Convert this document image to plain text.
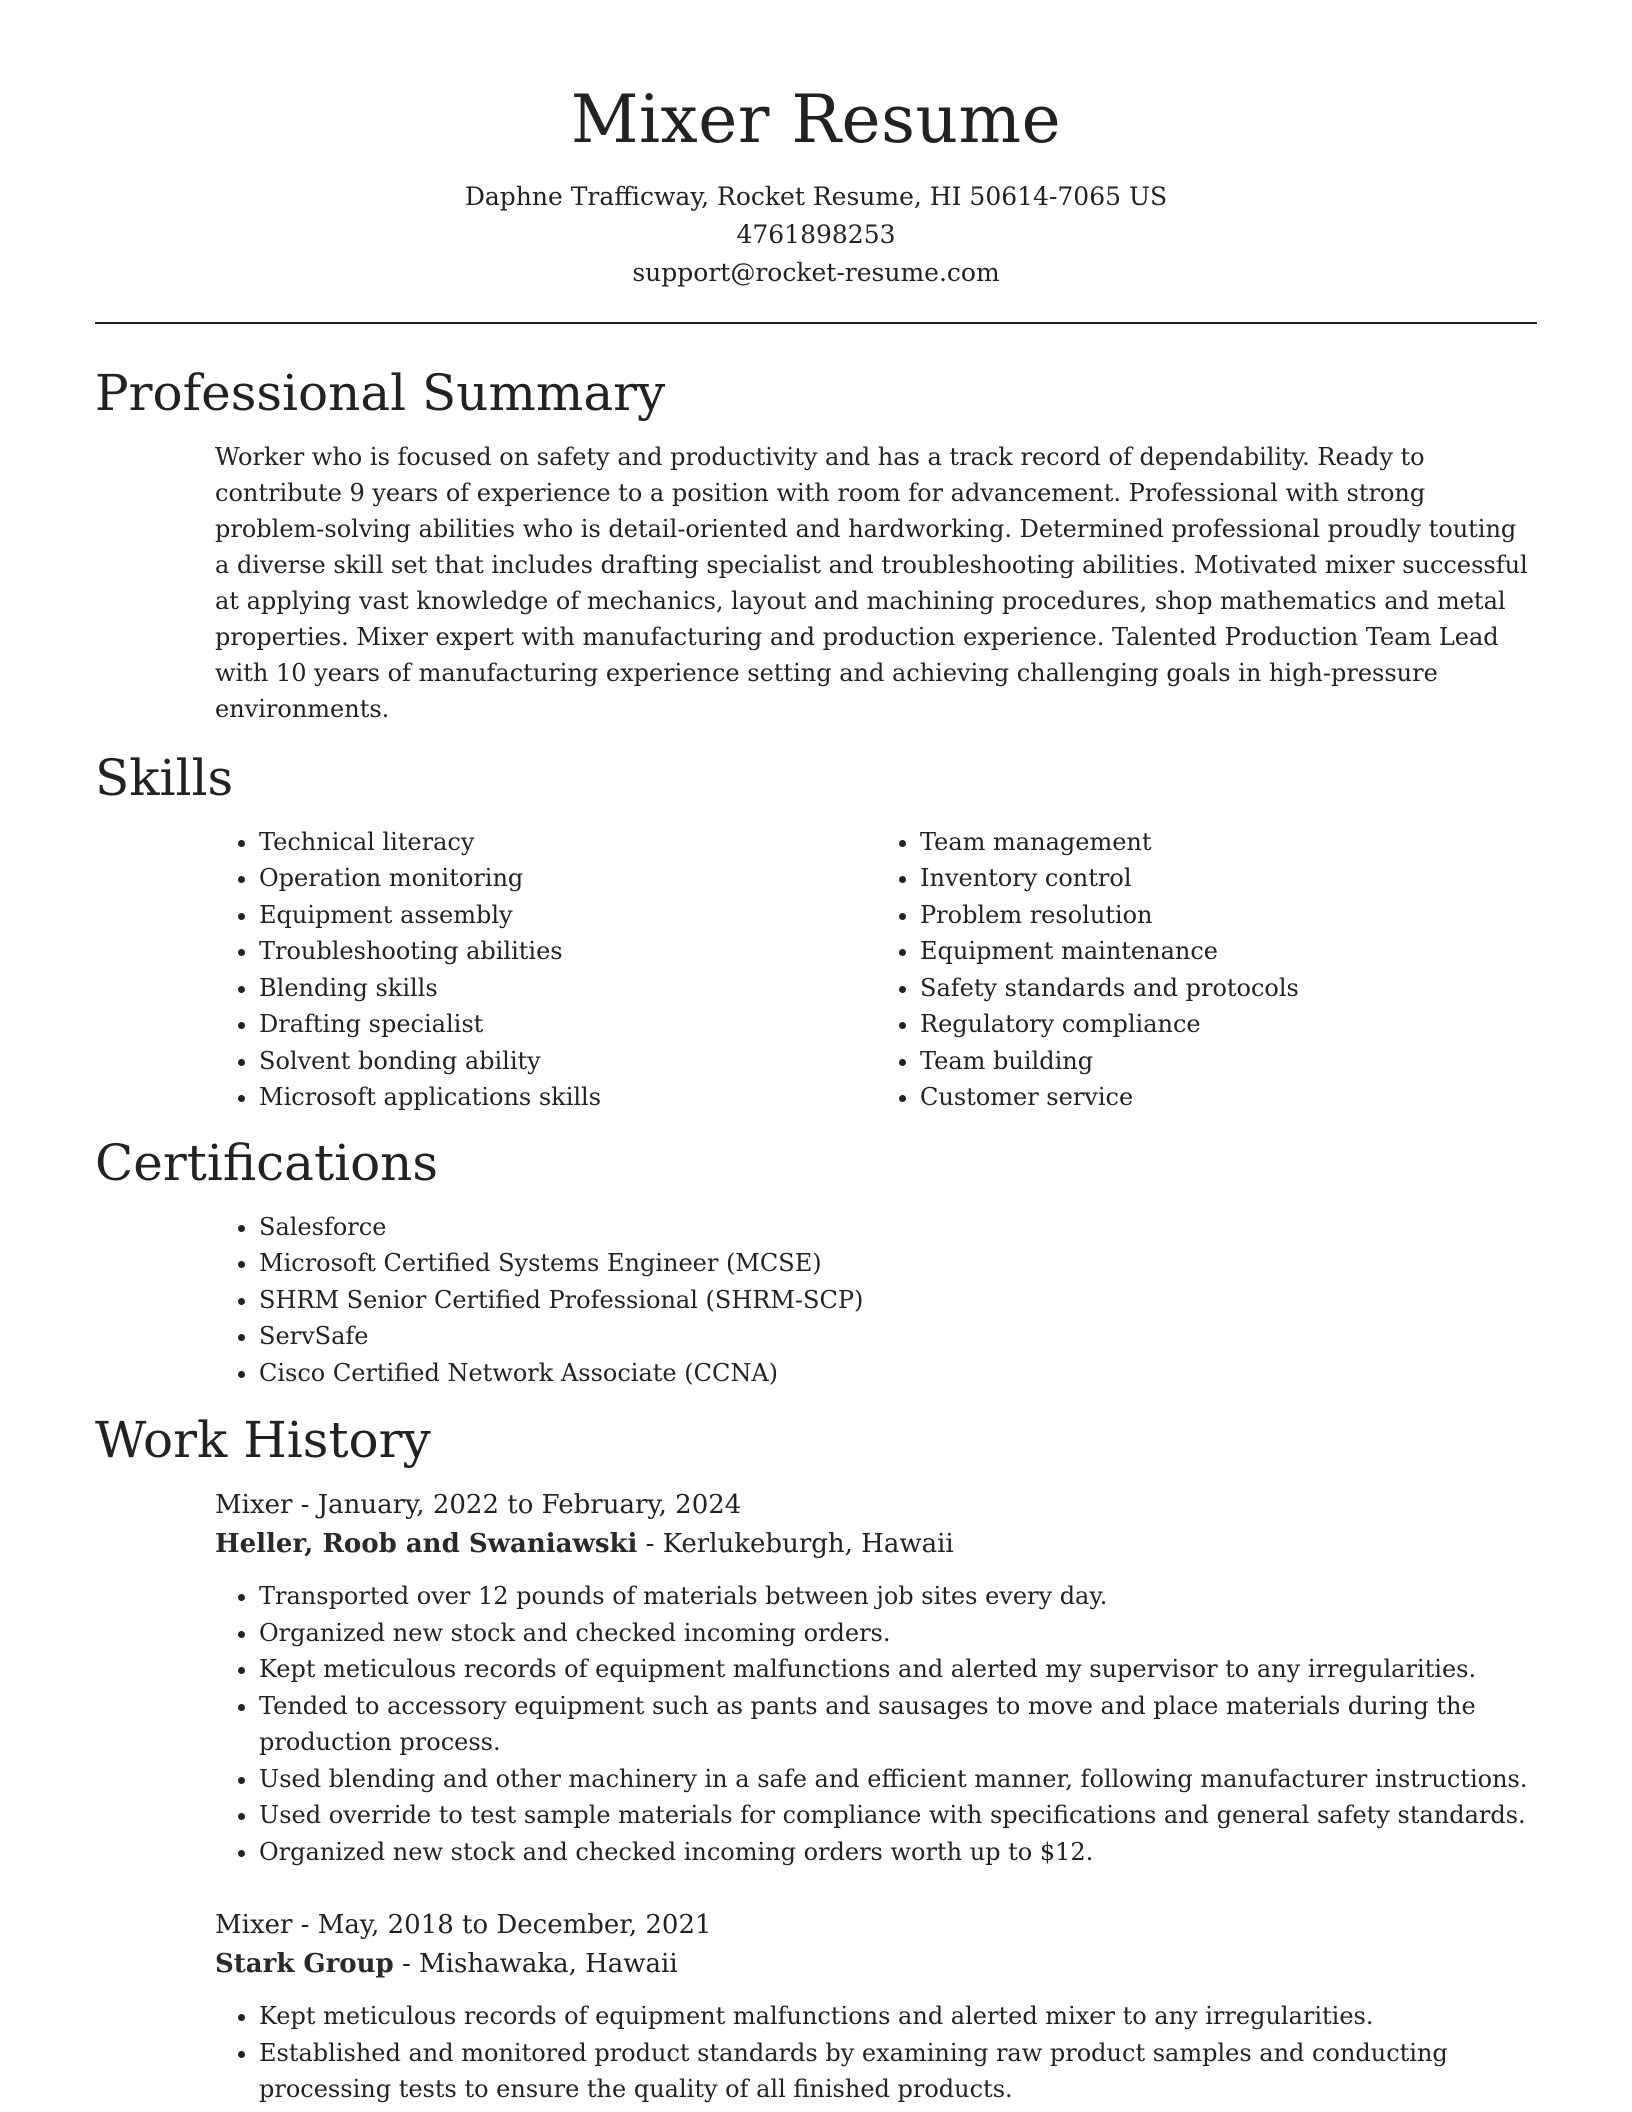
Mixer Resume
Daphne Trafficway, Rocket Resume, HI 50614-7065 US
4761898253
support@rocket-resume.com
Professional Summary

Worker who is focused on safety and productivity and has a track record of dependability. Ready to contribute 9 years of experience to a position with room for advancement. Professional with strong problem-solving abilities who is detail-oriented and hardworking. Determined professional proudly touting a diverse skill set that includes drafting specialist and troubleshooting abilities. Motivated mixer successful at applying vast knowledge of mechanics, layout and machining procedures, shop mathematics and metal properties. Mixer expert with manufacturing and production experience. Talented Production Team Lead with 10 years of manufacturing experience setting and achieving challenging goals in high-pressure environments.

Skills
• Technical literacy
• Operation monitoring
• Equipment assembly
• Troubleshooting abilities
• Blending skills
• Drafting specialist
• Solvent bonding ability
• Microsoft applications skills
• Team management
• Inventory control
• Problem resolution
• Equipment maintenance
• Safety standards and protocols
• Regulatory compliance
• Team building
• Customer service
Certifications
• Salesforce
• Microsoft Certified Systems Engineer (MCSE)
• SHRM Senior Certified Professional (SHRM-SCP)
• ServSafe
• Cisco Certified Network Associate (CCNA)
Work History
Mixer - January, 2022 to February, 2024
Heller, Roob and Swaniawski - Kerlukeburgh, Hawaii
• Transported over 12 pounds of materials between job sites every day.
• Organized new stock and checked incoming orders.
• Kept meticulous records of equipment malfunctions and alerted my supervisor to any irregularities.
• Tended to accessory equipment such as pants and sausages to move and place materials during the production process.
• Used blending and other machinery in a safe and efficient manner, following manufacturer instructions.
• Used override to test sample materials for compliance with specifications and general safety standards.
• Organized new stock and checked incoming orders worth up to $12.
Mixer - May, 2018 to December, 2021
Stark Group - Mishawaka, Hawaii
• Kept meticulous records of equipment malfunctions and alerted mixer to any irregularities.
• Established and monitored product standards by examining raw product samples and conducting processing tests to ensure the quality of all finished products.
